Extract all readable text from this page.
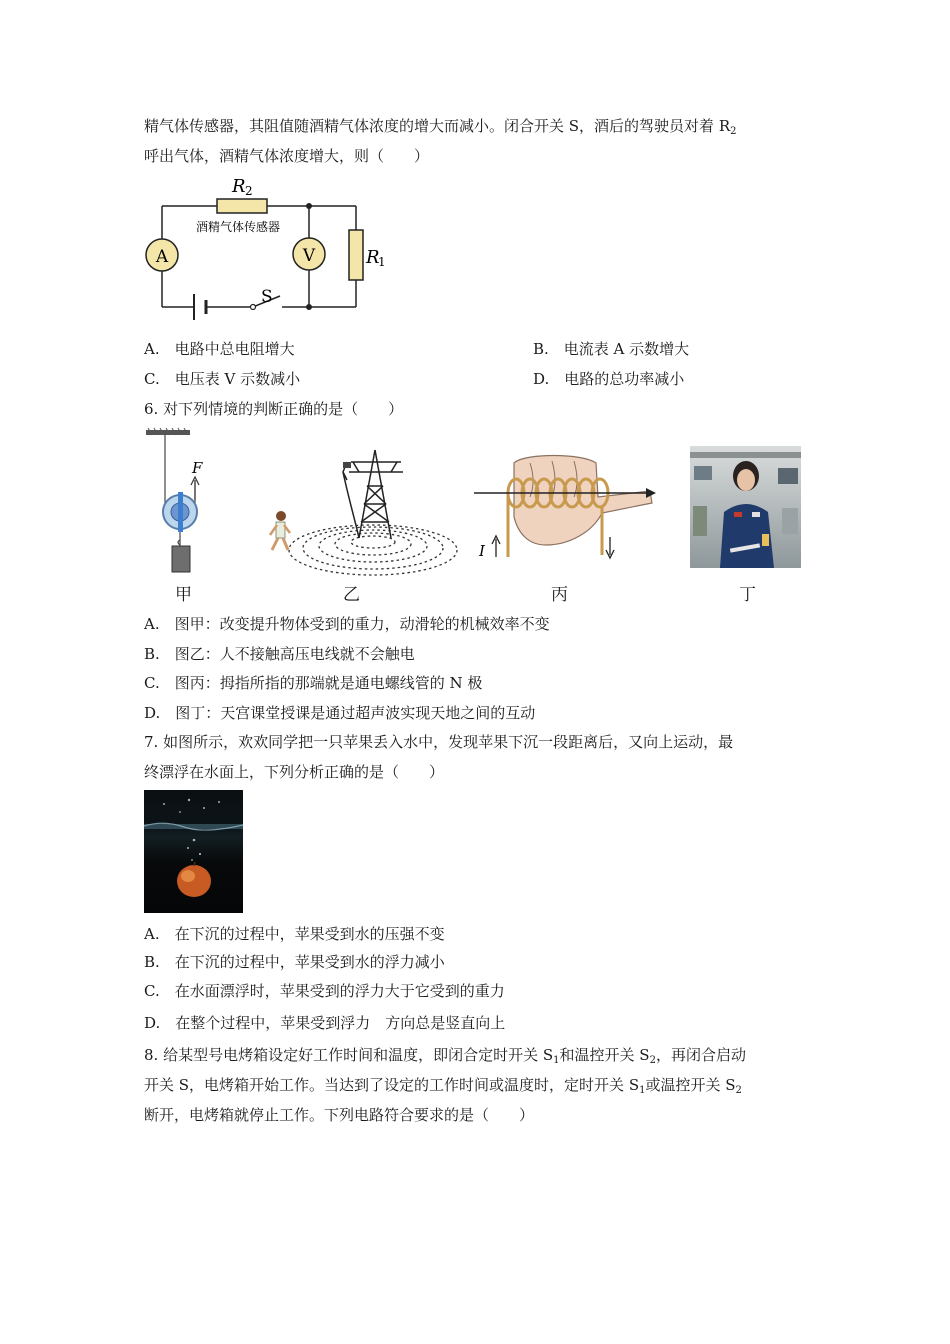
精气体传感器，其阻值随酒精气体浓度的增大而减小。闭合开关 S，酒后的驾驶员对着 $R_2$
呼出气体，酒精气体浓度增大，则（　　）
A	V
R 2
酒精气体传感器
R
1
S
A.　电路中总电阻增大	B.　电流表 A 示数增大
C.　电压表 V 示数减小	D.　电路的总功率减小
6. 对下列情境的判断正确的是（　　）
F
I
甲	乙	丙	丁
A.　图甲：改变提升物体受到的重力，动滑轮的机械效率不变
B.　图乙：人不接触高压电线就不会触电
C.　图丙：拇指所指的那端就是通电螺线管的 N 极
D.　图丁：天宫课堂授课是通过超声波实现天地之间的互动
7. 如图所示，欢欢同学把一只苹果丢入水中，发现苹果下沉一段距离后，又向上运动，最
终漂浮在水面上，下列分析正确的是（　　）
A.　在下沉的过程中，苹果受到水的压强不变
B.　在下沉的过程中，苹果受到水的浮力减小
C.　在水面漂浮时，苹果受到的浮力大于它受到的重力
D.　在整个过程中，苹果受到浮力　方向总是竖直向上
8. 给某型号电烤箱设定好工作时间和温度，即闭合定时开关 $S_1$和温控开关 $S_2$，再闭合启动
开关 S，电烤箱开始工作。当达到了设定的工作时间或温度时，定时开关 $S_1$或温控开关 $S_2$
断开，电烤箱就停止工作。下列电路符合要求的是（　　）
